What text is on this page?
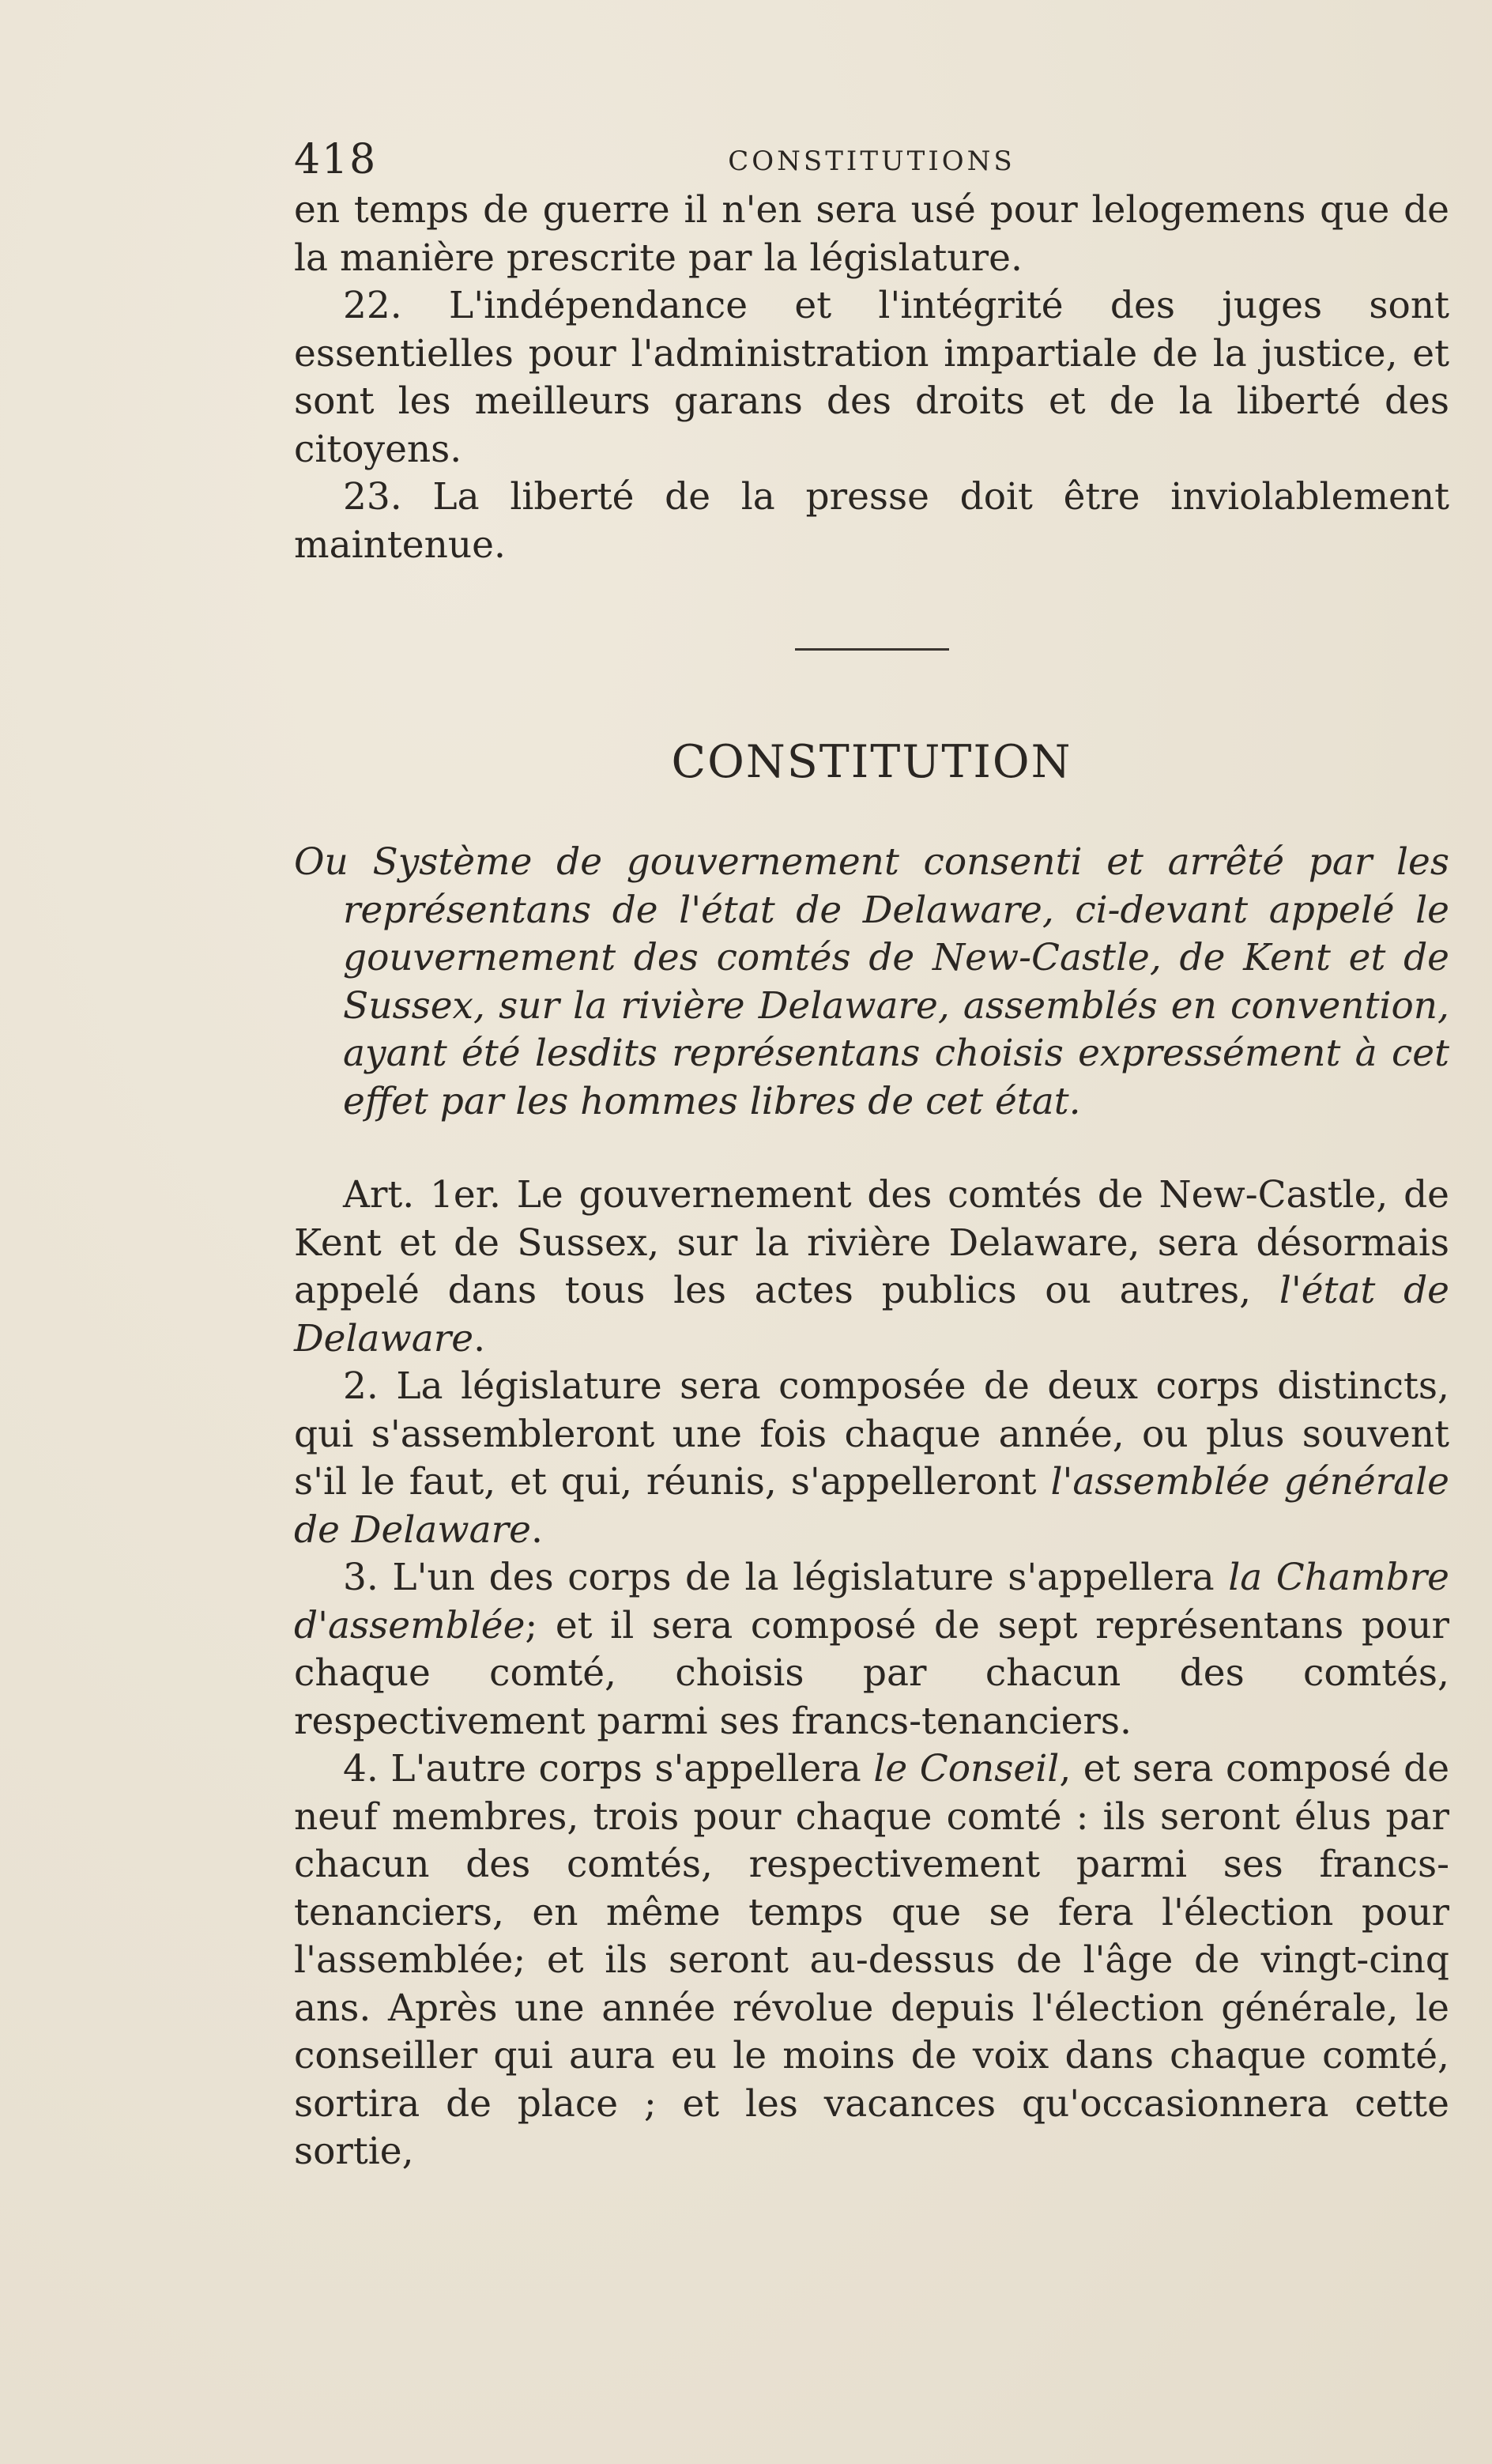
418	CONSTITUTIONS

en temps de guerre il n'en sera usé pour lelogemens que de la manière prescrite par la législature.

22. L'indépendance et l'intégrité des juges sont essentielles pour l'administration impartiale de la justice, et sont les meilleurs garans des droits et de la liberté des citoyens.

23. La liberté de la presse doit être inviolablement maintenue.

CONSTITUTION
Ou Système de gouvernement consenti et arrêté par les représentans de l'état de Delaware, ci-devant appelé le gouvernement des comtés de New-Castle, de Kent et de Sussex, sur la rivière Delaware, assemblés en convention, ayant été lesdits représentans choisis expressément à cet effet par les hommes libres de cet état.

Art. 1er. Le gouvernement des comtés de New-Castle, de Kent et de Sussex, sur la rivière Delaware, sera désormais appelé dans tous les actes publics ou autres, l'état de Delaware.

2. La législature sera composée de deux corps distincts, qui s'assembleront une fois chaque année, ou plus souvent s'il le faut, et qui, réunis, s'appelleront l'assemblée générale de Delaware.

3. L'un des corps de la législature s'appellera la Chambre d'assemblée; et il sera composé de sept représentans pour chaque comté, choisis par chacun des comtés, respectivement parmi ses francs-tenanciers.

4. L'autre corps s'appellera le Conseil, et sera composé de neuf membres, trois pour chaque comté : ils seront élus par chacun des comtés, respectivement parmi ses francs-tenanciers, en même temps que se fera l'élection pour l'assemblée; et ils seront au-dessus de l'âge de vingt-cinq ans. Après une année révolue depuis l'élection générale, le conseiller qui aura eu le moins de voix dans chaque comté, sortira de place ; et les vacances qu'occasionnera cette sortie,
